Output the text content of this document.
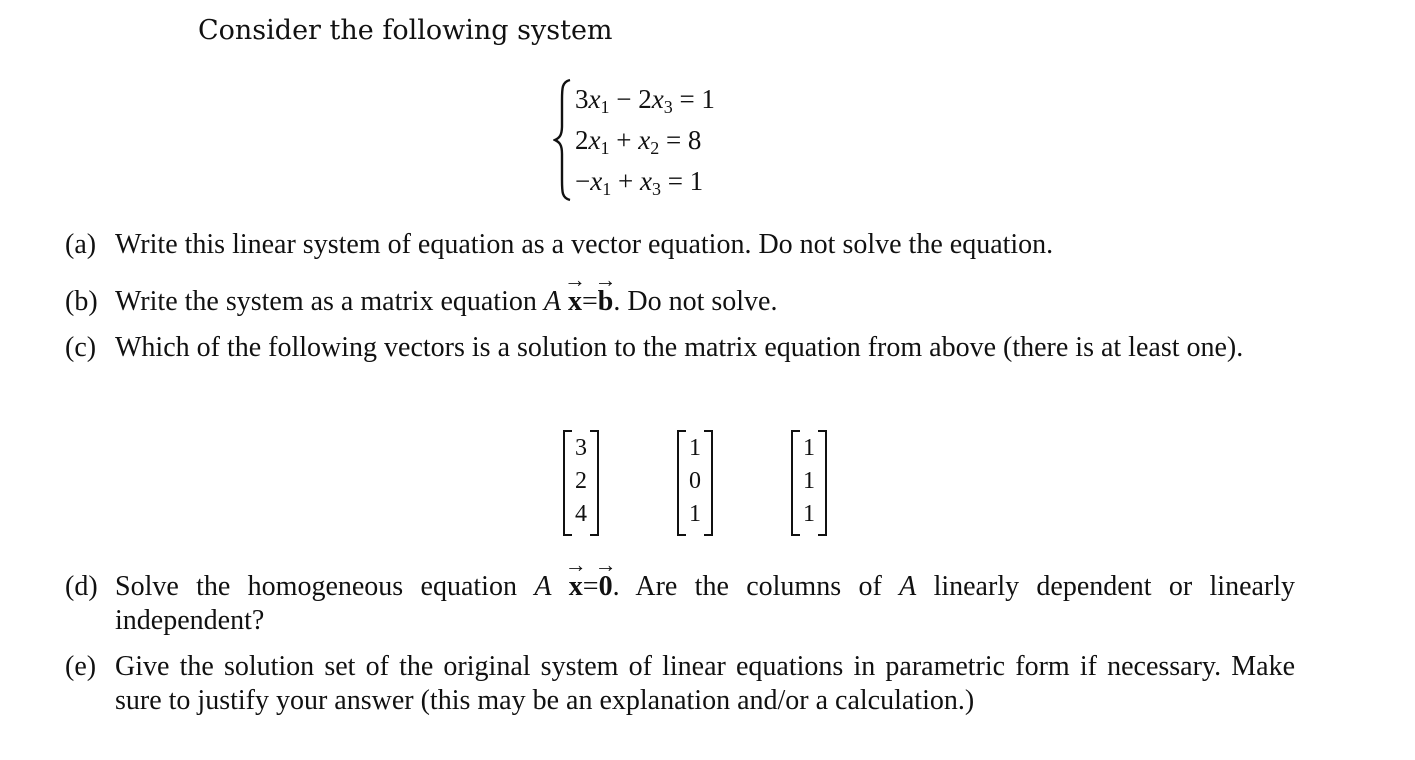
Consider the following system
$3x_1 - 2x_3 = 1$
$2x_1 + x_2 = 8$
$-x_1 + x_3 = 1$
(a) Write this linear system of equation as a vector equation. Do not solve the equation.
(b) Write the system as a matrix equation A → x=→ b. Do not solve.
(c) Which of the following vectors is a solution to the matrix equation from above (there is at least one).
3
2
4
1
0
1
1
1
1
(d) Solve the homogeneous equation A → x=→ 0. Are the columns of A linearly dependent or linearly independent?
(e) Give the solution set of the original system of linear equations in parametric form if necessary. Make sure to justify your answer (this may be an explanation and/or a calculation.)
